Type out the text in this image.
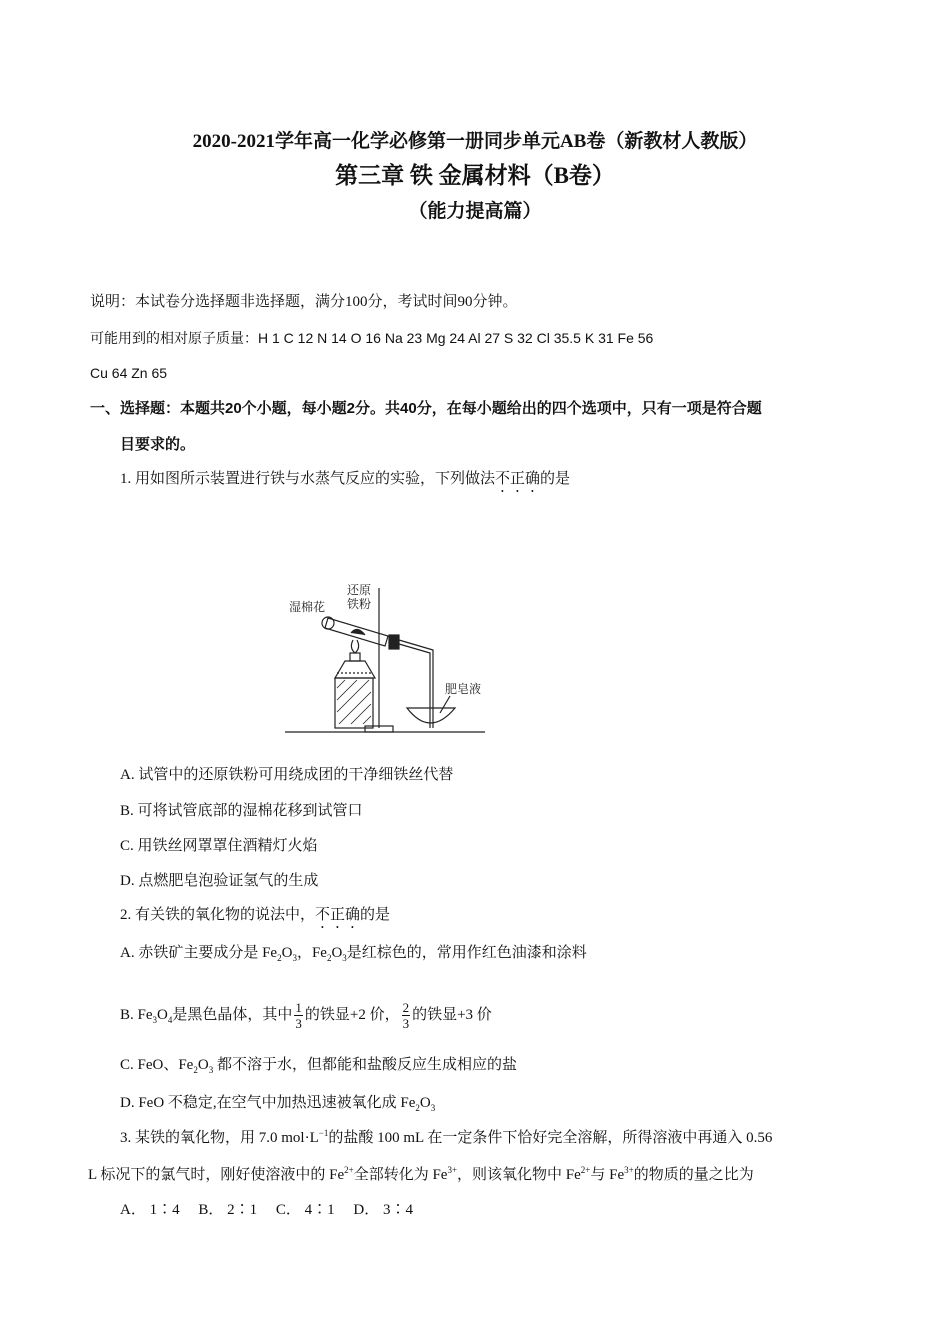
2020-2021学年高一化学必修第一册同步单元AB卷（新教材人教版）
第三章 铁 金属材料（B卷）
（能力提高篇）
说明：本试卷分选择题非选择题，满分100分，考试时间90分钟。
可能用到的相对原子质量：H 1 C 12 N 14 O 16 Na 23 Mg 24 Al 27 S 32 Cl 35.5 K 31 Fe 56
Cu 64 Zn 65
一、选择题：本题共20个小题，每小题2分。共40分，在每小题给出的四个选项中，只有一项是符合题
目要求的。
1. 用如图所示装置进行铁与水蒸气反应的实验，下列做法不正确的是
湿棉花
还原
铁粉
肥皂液
A. 试管中的还原铁粉可用绕成团的干净细铁丝代替
B. 可将试管底部的湿棉花移到试管口
C. 用铁丝网罩罩住酒精灯火焰
D. 点燃肥皂泡验证氢气的生成
2. 有关铁的氧化物的说法中，不正确的是
A. 赤铁矿主要成分是 $Fe_2O_3$，$Fe_2O_3$是红棕色的，常用作红色油漆和涂料
B. $Fe_3O_4$是黑色晶体，其中 $\frac{1}{3}$ 的铁显+2 价， $\frac{2}{3}$ 的铁显+3 价
C. FeO、$Fe_2O_3$ 都不溶于水，但都能和盐酸反应生成相应的盐
D. FeO 不稳定,在空气中加热迅速被氧化成 $Fe_2O_3$
3. 某铁的氧化物，用 7.0 $mol\cdot L^{-1}$的盐酸 100 mL 在一定条件下恰好完全溶解，所得溶液中再通入 0.56
L 标况下的氯气时，刚好使溶液中的 $Fe^{2+}$全部转化为 $Fe^{3+}$，则该氧化物中 $Fe^{2+}$与 $Fe^{3+}$的物质的量之比为
A． 1∶4 B． 2∶1 C． 4∶1 D． 3∶4
